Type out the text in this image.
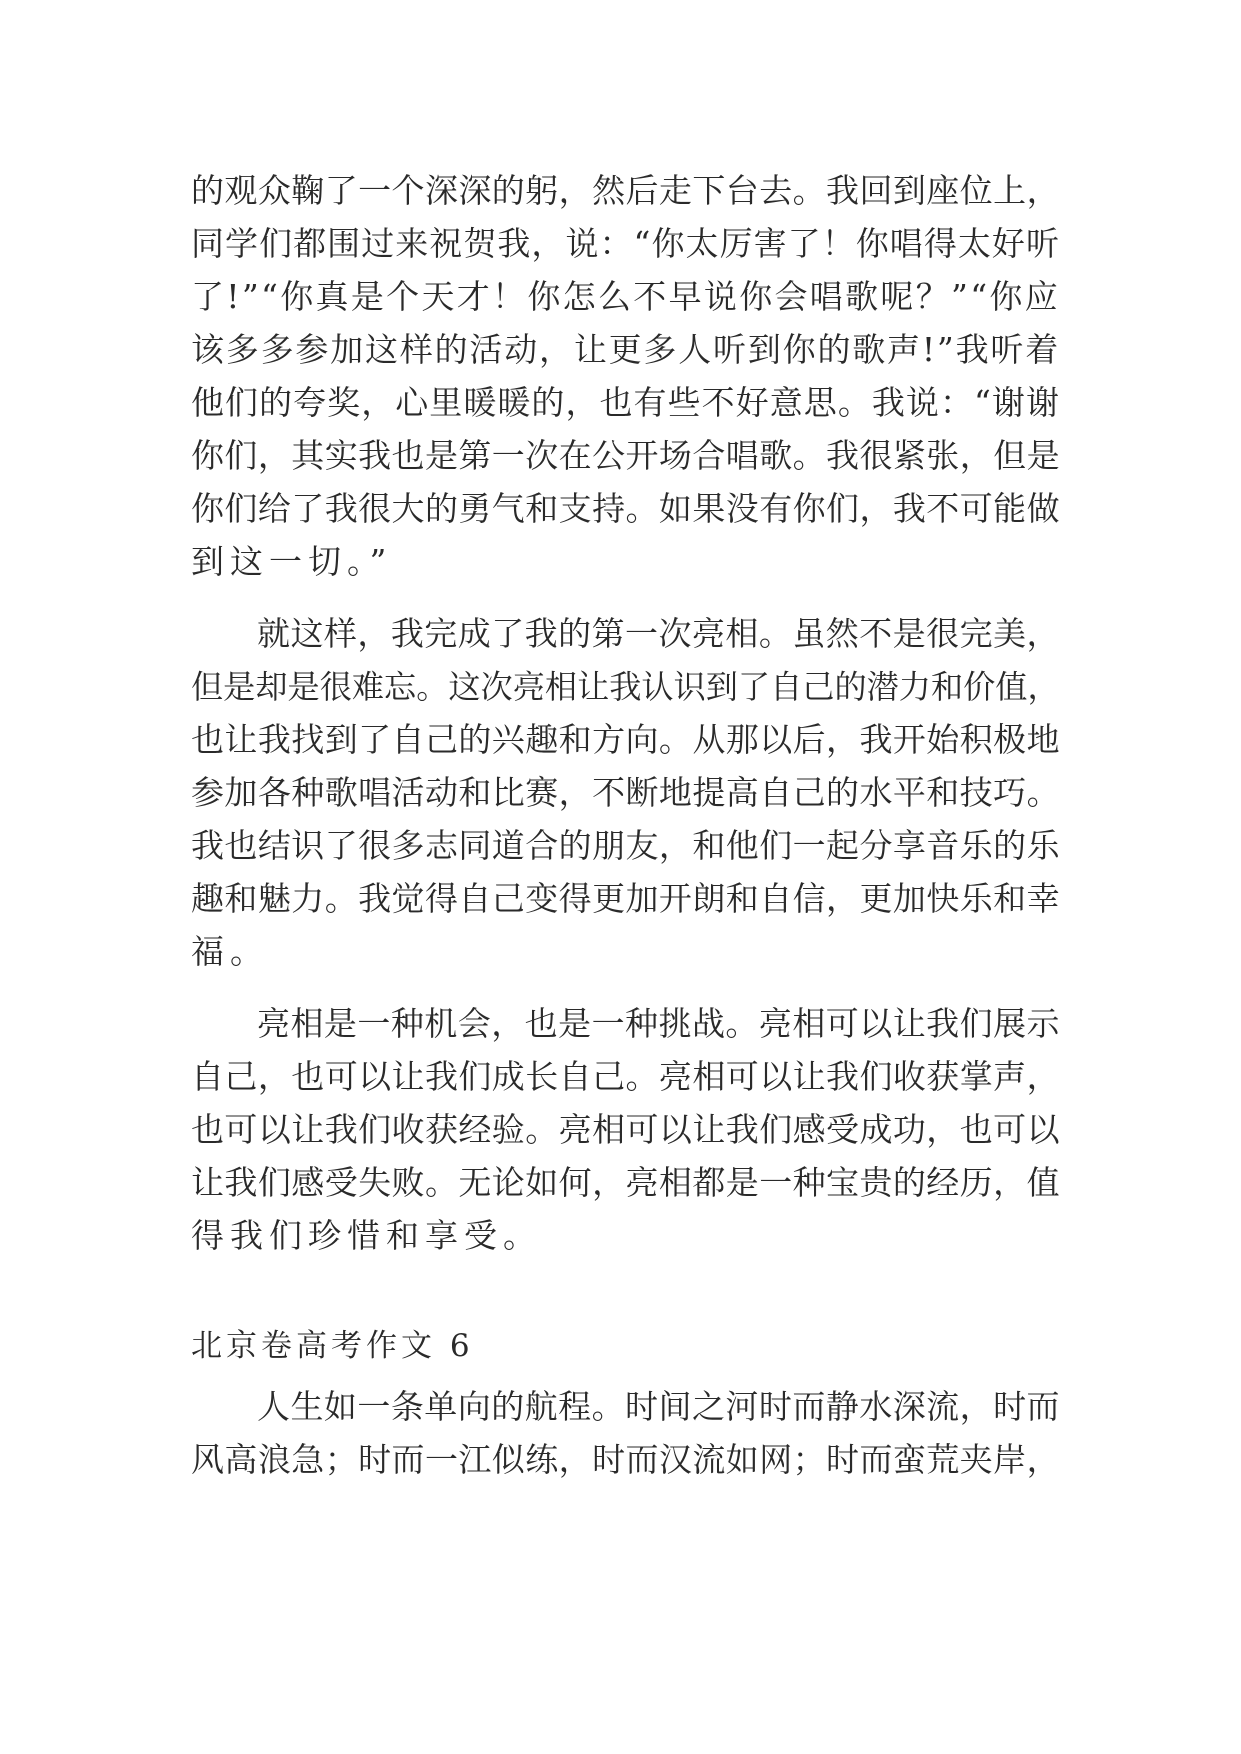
的观众鞠了一个深深的躬，然后走下台去。我回到座位上，
同学们都围过来祝贺我，说：“你太厉害了！你唱得太好听
了!”“你真是个天才！你怎么不早说你会唱歌呢？”“你应
该多多参加这样的活动，让更多人听到你的歌声!”我听着
他们的夸奖，心里暖暖的，也有些不好意思。我说：“谢谢
你们，其实我也是第一次在公开场合唱歌。我很紧张，但是
你们给了我很大的勇气和支持。如果没有你们，我不可能做
到这一切。”
就这样，我完成了我的第一次亮相。虽然不是很完美，
但是却是很难忘。这次亮相让我认识到了自己的潜力和价值，
也让我找到了自己的兴趣和方向。从那以后，我开始积极地
参加各种歌唱活动和比赛，不断地提高自己的水平和技巧。
我也结识了很多志同道合的朋友，和他们一起分享音乐的乐
趣和魅力。我觉得自己变得更加开朗和自信，更加快乐和幸
福。
亮相是一种机会，也是一种挑战。亮相可以让我们展示
自己，也可以让我们成长自己。亮相可以让我们收获掌声，
也可以让我们收获经验。亮相可以让我们感受成功，也可以
让我们感受失败。无论如何，亮相都是一种宝贵的经历，值
得我们珍惜和享受。
北京卷高考作文 6
人生如一条单向的航程。时间之河时而静水深流，时而
风高浪急；时而一江似练，时而汉流如网；时而蛮荒夹岸，
